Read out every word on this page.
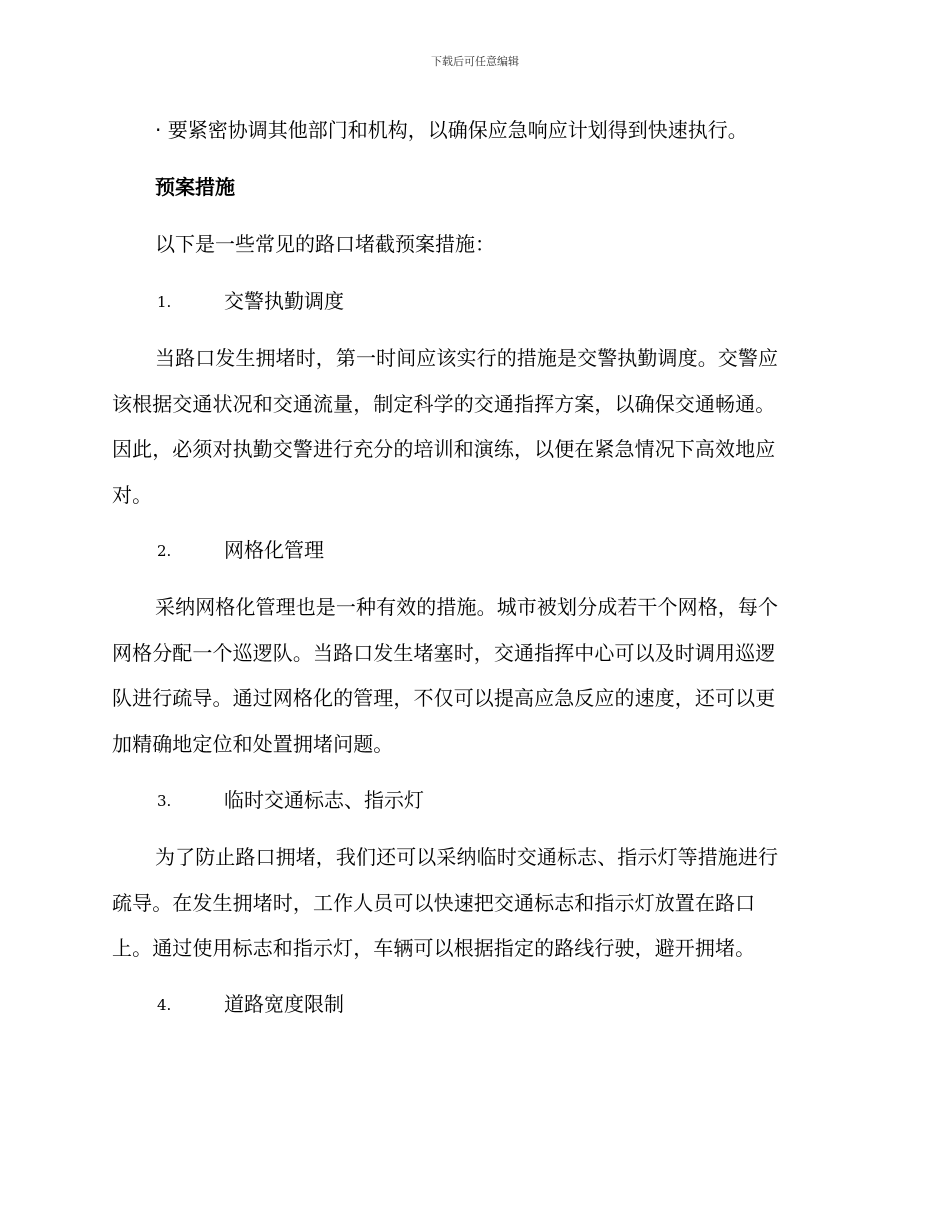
下载后可任意编辑
· 要紧密协调其他部门和机构，以确保应急响应计划得到快速执行。
预案措施
以下是一些常见的路口堵截预案措施：
1.	交警执勤调度
当路口发生拥堵时，第一时间应该实行的措施是交警执勤调度。交警应
该根据交通状况和交通流量，制定科学的交通指挥方案，以确保交通畅通。
因此，必须对执勤交警进行充分的培训和演练，以便在紧急情况下高效地应
对。
2.	网格化管理
采纳网格化管理也是一种有效的措施。城市被划分成若干个网格，每个
网格分配一个巡逻队。当路口发生堵塞时，交通指挥中心可以及时调用巡逻
队进行疏导。通过网格化的管理，不仅可以提高应急反应的速度，还可以更
加精确地定位和处置拥堵问题。
3.	临时交通标志、指示灯
为了防止路口拥堵，我们还可以采纳临时交通标志、指示灯等措施进行
疏导。在发生拥堵时，工作人员可以快速把交通标志和指示灯放置在路口
上。通过使用标志和指示灯，车辆可以根据指定的路线行驶，避开拥堵。
4.	道路宽度限制
